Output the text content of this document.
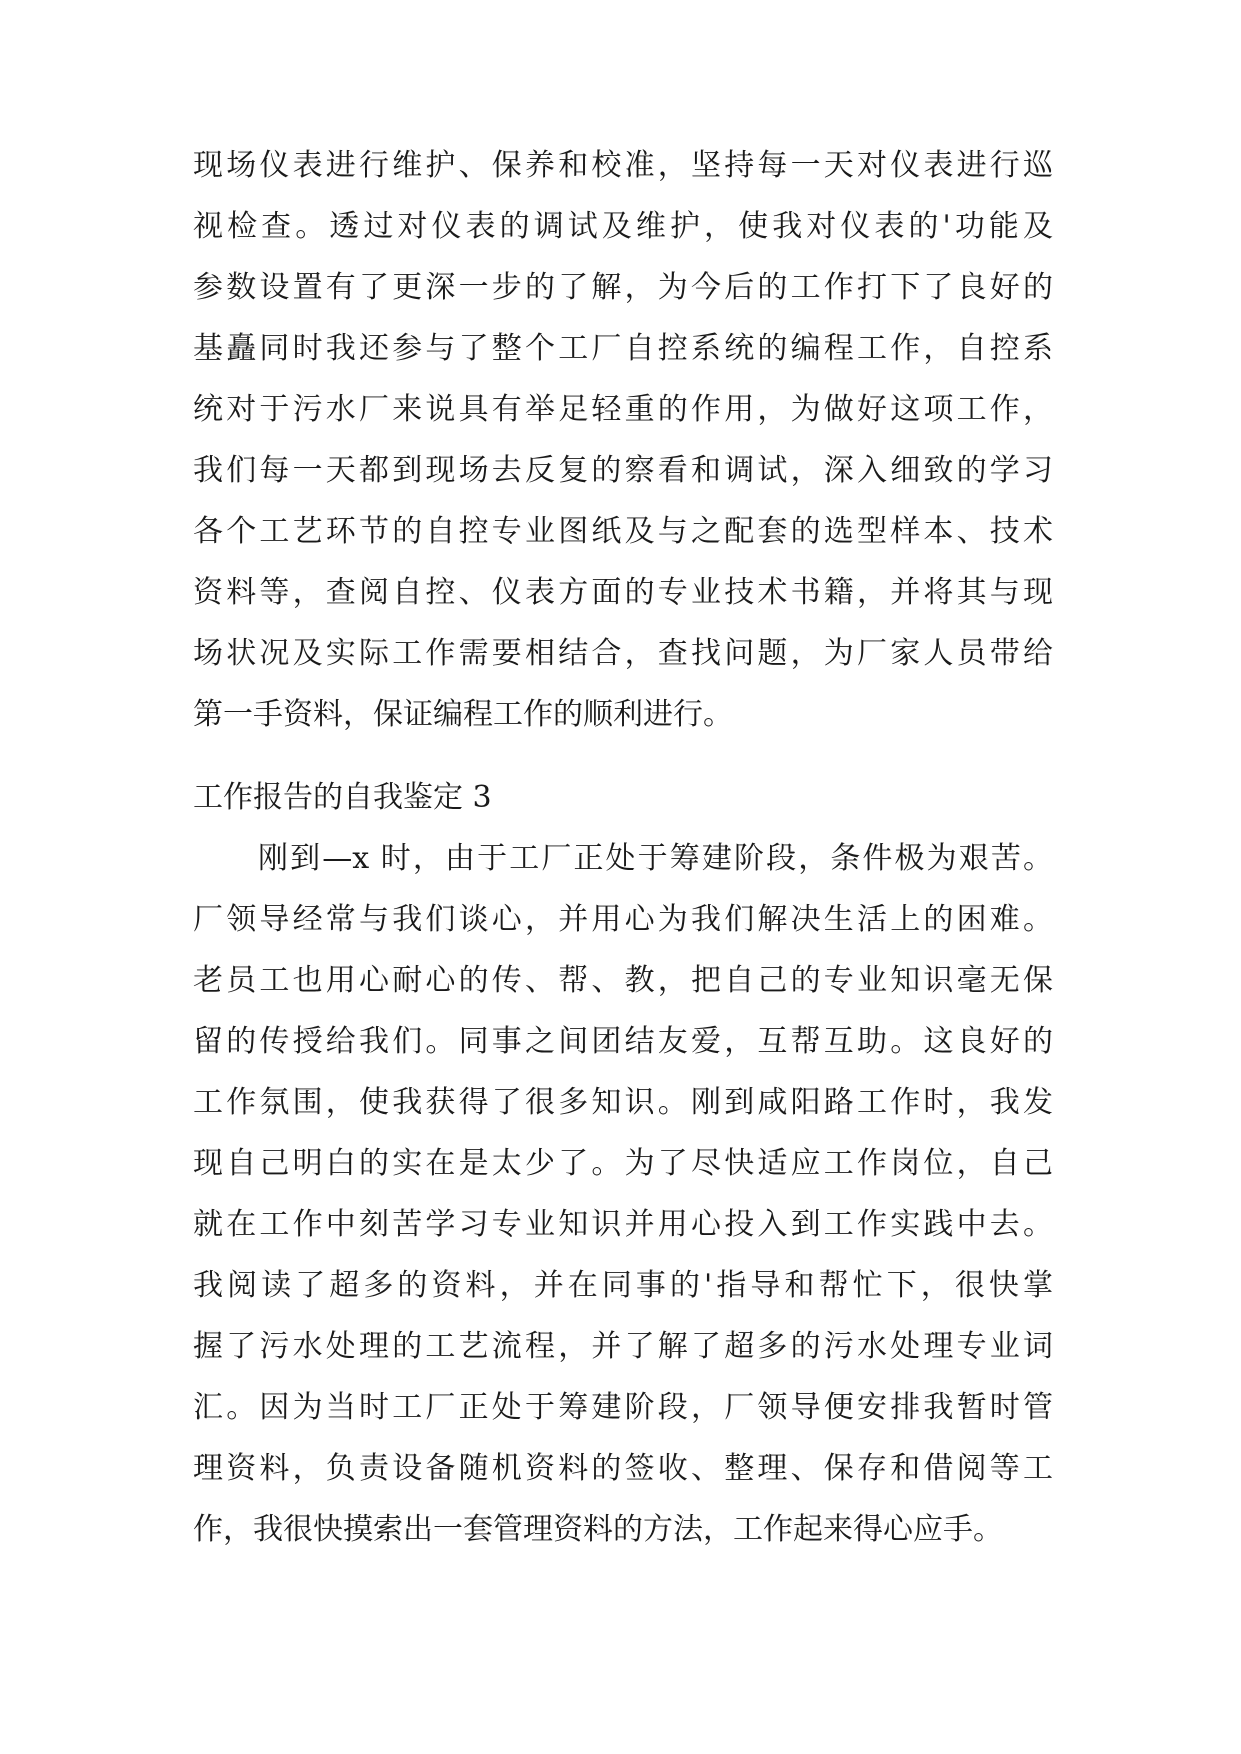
现场仪表进行维护、保养和校准，坚持每一天对仪表进行巡

视检查。透过对仪表的调试及维护，使我对仪表的'功能及

参数设置有了更深一步的了解，为今后的工作打下了良好的

基矗同时我还参与了整个工厂自控系统的编程工作，自控系

统对于污水厂来说具有举足轻重的作用，为做好这项工作，

我们每一天都到现场去反复的察看和调试，深入细致的学习

各个工艺环节的自控专业图纸及与之配套的选型样本、技术

资料等，查阅自控、仪表方面的专业技术书籍，并将其与现

场状况及实际工作需要相结合，查找问题，为厂家人员带给

第一手资料，保证编程工作的顺利进行。

工作报告的自我鉴定 3

刚到—x 时，由于工厂正处于筹建阶段，条件极为艰苦。

厂领导经常与我们谈心，并用心为我们解决生活上的困难。

老员工也用心耐心的传、帮、教，把自己的专业知识毫无保

留的传授给我们。同事之间团结友爱，互帮互助。这良好的

工作氛围，使我获得了很多知识。刚到咸阳路工作时，我发

现自己明白的实在是太少了。为了尽快适应工作岗位，自己

就在工作中刻苦学习专业知识并用心投入到工作实践中去。

我阅读了超多的资料，并在同事的'指导和帮忙下，很快掌

握了污水处理的工艺流程，并了解了超多的污水处理专业词

汇。因为当时工厂正处于筹建阶段，厂领导便安排我暂时管

理资料，负责设备随机资料的签收、整理、保存和借阅等工

作，我很快摸索出一套管理资料的方法，工作起来得心应手。
